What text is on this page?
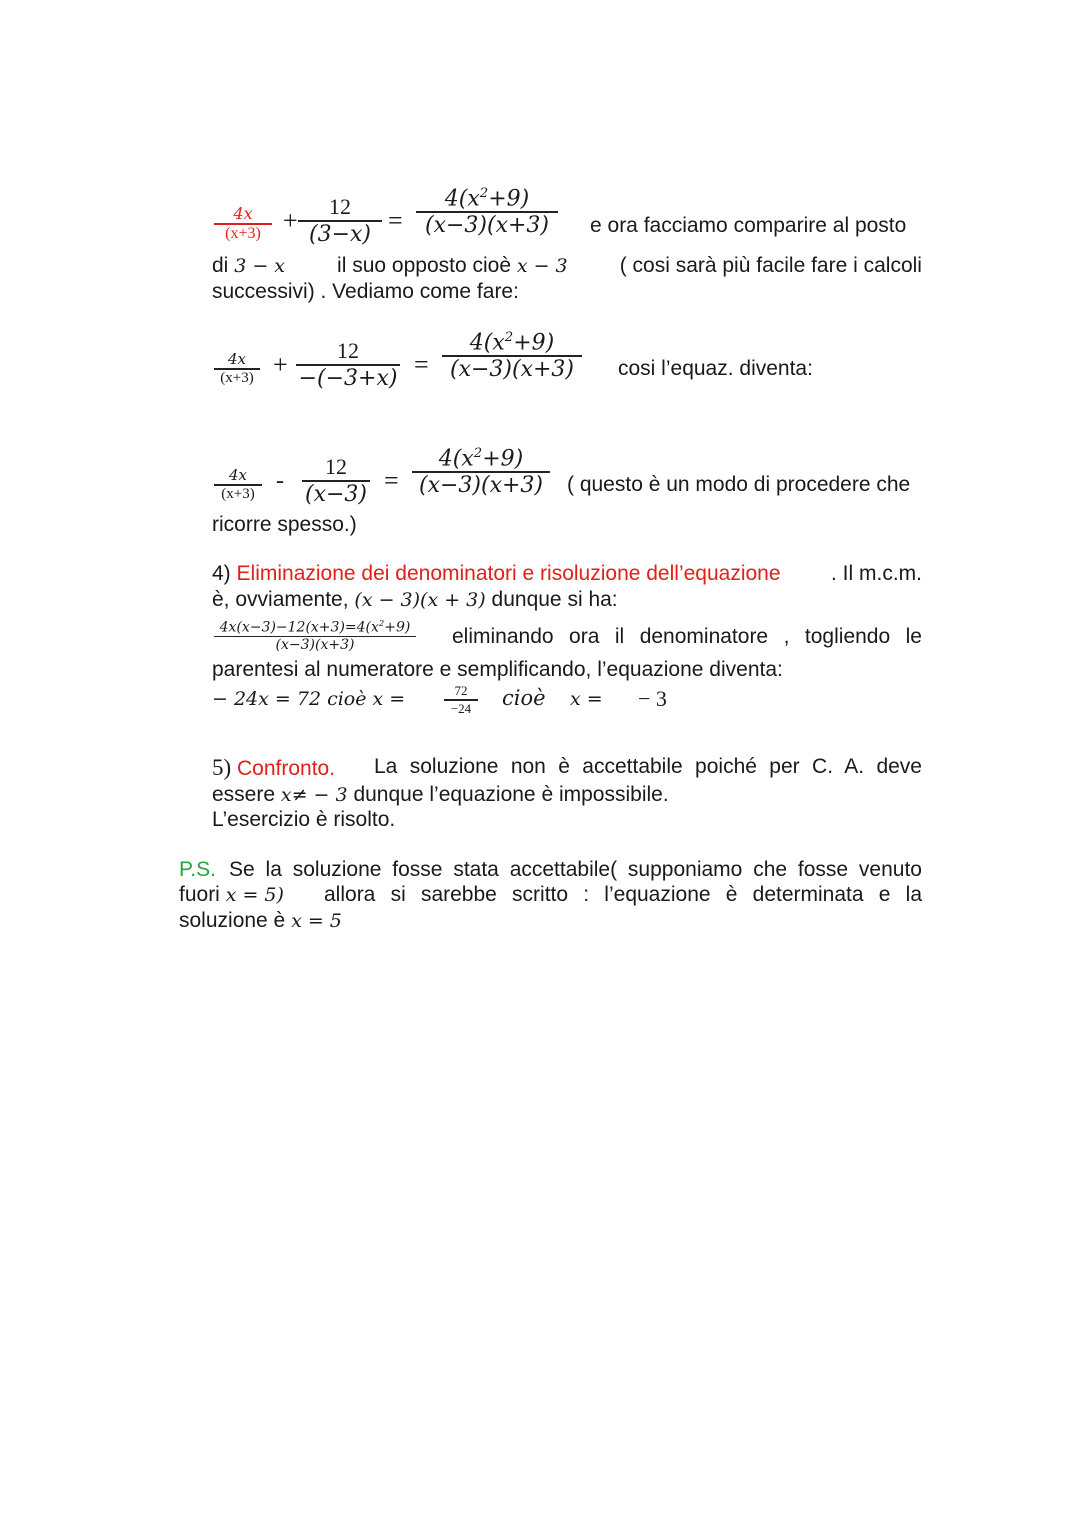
4x
(x+3) + 12
(3−x) =
$4(x^2+9)$
(x−3)(x+3) e ora facciamo comparire al posto
di 3 − x il suo opposto cioè x − 3 ( cosi sarà più facile fare i calcoli
successivi) . Vediamo come fare:
4x
(x+3) + 12
−(−3+x) =
$4(x^2+9)$
(x−3)(x+3) cosi l’equaz. diventa:
4x
(x+3) -
12
(x−3) =
$4(x^2+9)$
(x−3)(x+3) ( questo è un modo di procedere che
ricorre spesso.)
4) Eliminazione dei denominatori e risoluzione dell’equazione . Il m.c.m.
è, ovviamente, (x − 3)(x + 3) dunque si ha:
$4x(x-3)-12(x+3)=4(x^2+9)$
(x−3)(x+3)	eliminando ora il denominatore , togliendo le
parentesi al numeratore e semplificando, l’equazione diventa:
− 24x = 72 cioè x =	72
−24 cioè x = − 3
5) Confronto. La soluzione non è accettabile poiché per C. A. deve
essere x≠ − 3 dunque l’equazione è impossibile.
L’esercizio è risolto.
P.S. Se la soluzione fosse stata accettabile( supponiamo che fosse venuto
fuori x = 5) allora si sarebbe scritto : l’equazione è determinata e la
soluzione è x = 5
